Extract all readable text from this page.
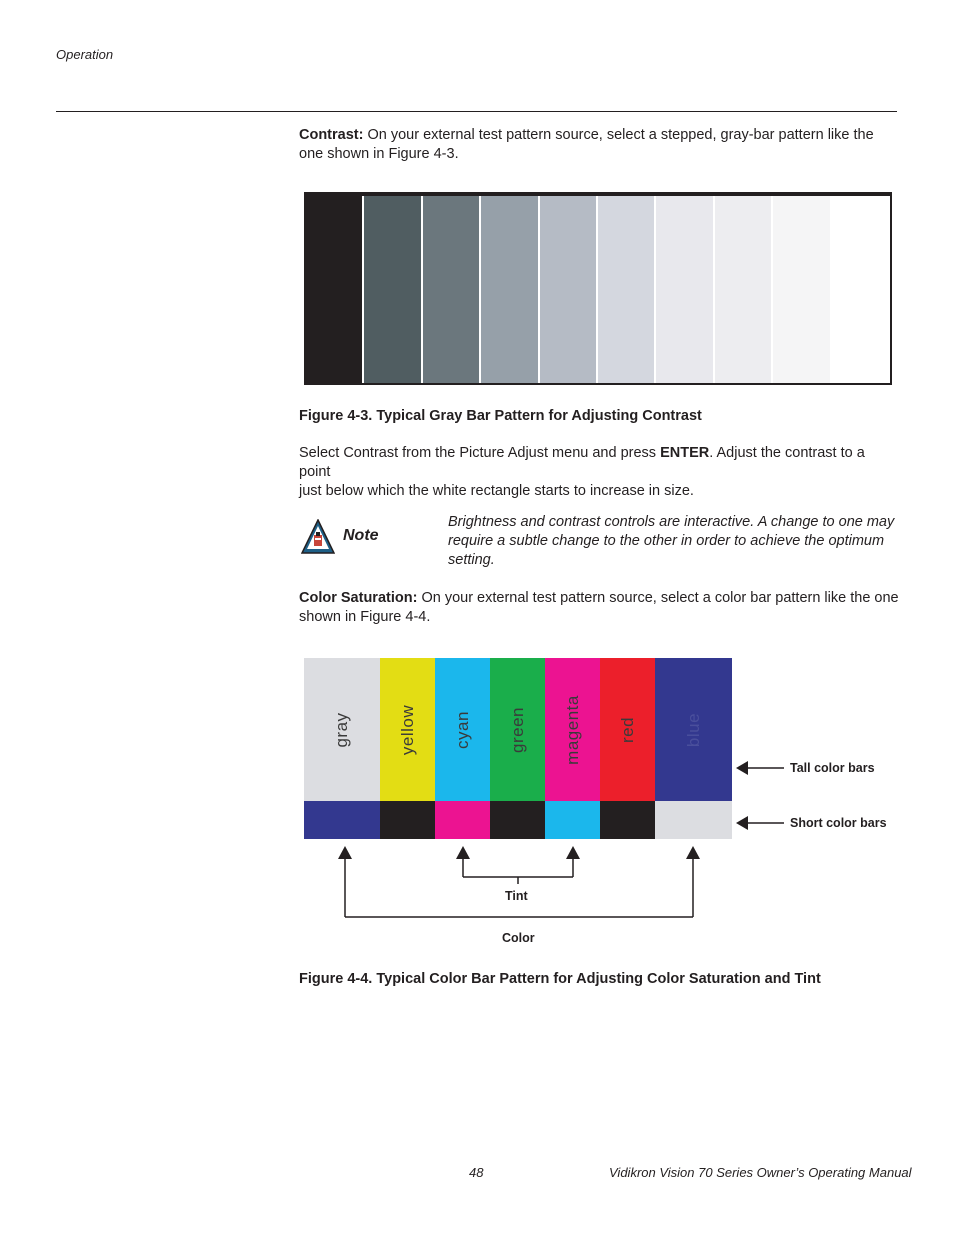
Operation
Contrast: On your external test pattern source, select a stepped, gray-bar pattern like the
one shown in Figure 4-3.
Figure 4-3. Typical Gray Bar Pattern for Adjusting Contrast
Select Contrast from the Picture Adjust menu and press ENTER. Adjust the contrast to a point
just below which the white rectangle starts to increase in size.
Note
Brightness and contrast controls are interactive. A change to one may
require a subtle change to the other in order to achieve the optimum
setting.
Color Saturation: On your external test pattern source, select a color bar pattern like the one
shown in Figure 4-4.
gray	yellow cyan green magenta red	blue
Tall color bars
Short color bars
Tint
Color
Figure 4-4. Typical Color Bar Pattern for Adjusting Color Saturation and Tint
48	Vidikron Vision 70 Series Owner’s Operating Manual
